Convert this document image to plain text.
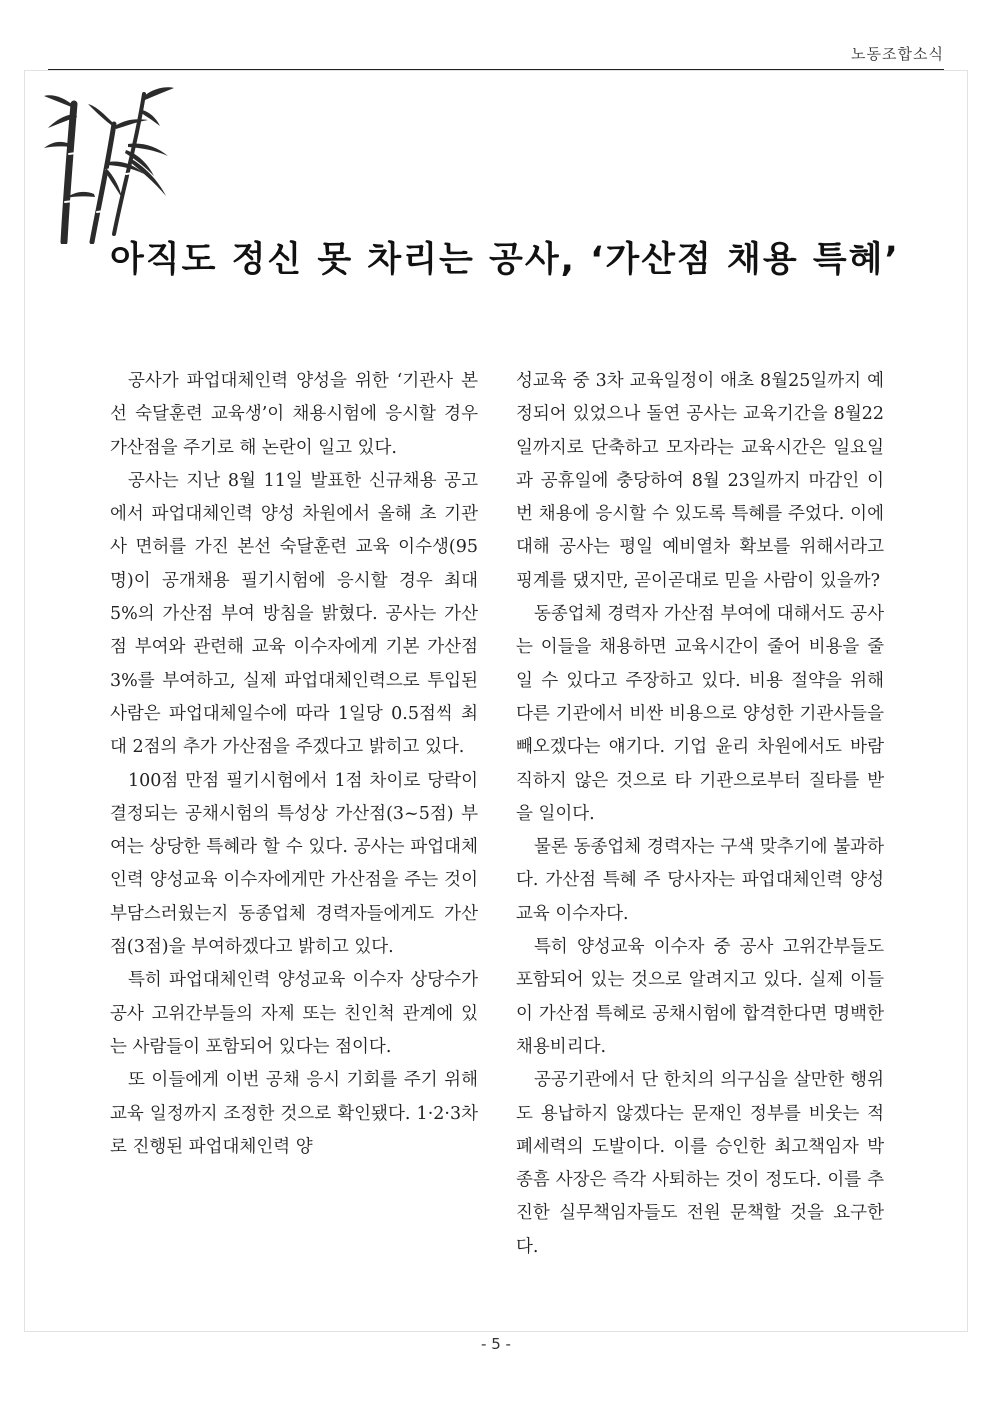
노동조합소식
아직도 정신 못 차리는 공사, ‘가산점 채용 특혜’

공사가 파업대체인력 양성을 위한 ‘기관사 본선 숙달훈련 교육생’이 채용시험에 응시할 경우 가산점을 주기로 해 논란이 일고 있다.

공사는 지난 8월 11일 발표한 신규채용 공고에서 파업대체인력 양성 차원에서 올해 초 기관사 면허를 가진 본선 숙달훈련 교육 이수생(95명)이 공개채용 필기시험에 응시할 경우 최대 5%의 가산점 부여 방침을 밝혔다. 공사는 가산점 부여와 관련해 교육 이수자에게 기본 가산점 3%를 부여하고, 실제 파업대체인력으로 투입된 사람은 파업대체일수에 따라 1일당 0.5점씩 최대 2점의 추가 가산점을 주겠다고 밝히고 있다.

100점 만점 필기시험에서 1점 차이로 당락이 결정되는 공채시험의 특성상 가산점(3~5점) 부여는 상당한 특혜라 할 수 있다. 공사는 파업대체인력 양성교육 이수자에게만 가산점을 주는 것이 부담스러웠는지 동종업체 경력자들에게도 가산점(3점)을 부여하겠다고 밝히고 있다.

특히 파업대체인력 양성교육 이수자 상당수가 공사 고위간부들의 자제 또는 친인척 관계에 있는 사람들이 포함되어 있다는 점이다.

또 이들에게 이번 공채 응시 기회를 주기 위해 교육 일정까지 조정한 것으로 확인됐다. 1·2·3차로 진행된 파업대체인력 양

성교육 중 3차 교육일정이 애초 8월25일까지 예정되어 있었으나 돌연 공사는 교육기간을 8월22일까지로 단축하고 모자라는 교육시간은 일요일과 공휴일에 충당하여 8월 23일까지 마감인 이번 채용에 응시할 수 있도록 특혜를 주었다. 이에 대해 공사는 평일 예비열차 확보를 위해서라고 핑계를 댔지만, 곧이곧대로 믿을 사람이 있을까?

동종업체 경력자 가산점 부여에 대해서도 공사는 이들을 채용하면 교육시간이 줄어 비용을 줄일 수 있다고 주장하고 있다. 비용 절약을 위해 다른 기관에서 비싼 비용으로 양성한 기관사들을 빼오겠다는 얘기다. 기업 윤리 차원에서도 바람직하지 않은 것으로 타 기관으로부터 질타를 받을 일이다.

물론 동종업체 경력자는 구색 맞추기에 불과하다. 가산점 특혜 주 당사자는 파업대체인력 양성교육 이수자다.

특히 양성교육 이수자 중 공사 고위간부들도 포함되어 있는 것으로 알려지고 있다. 실제 이들이 가산점 특혜로 공채시험에 합격한다면 명백한 채용비리다.

공공기관에서 단 한치의 의구심을 살만한 행위도 용납하지 않겠다는 문재인 정부를 비웃는 적폐세력의 도발이다. 이를 승인한 최고책임자 박종흠 사장은 즉각 사퇴하는 것이 정도다. 이를 추진한 실무책임자들도 전원 문책할 것을 요구한다.

- 5 -
